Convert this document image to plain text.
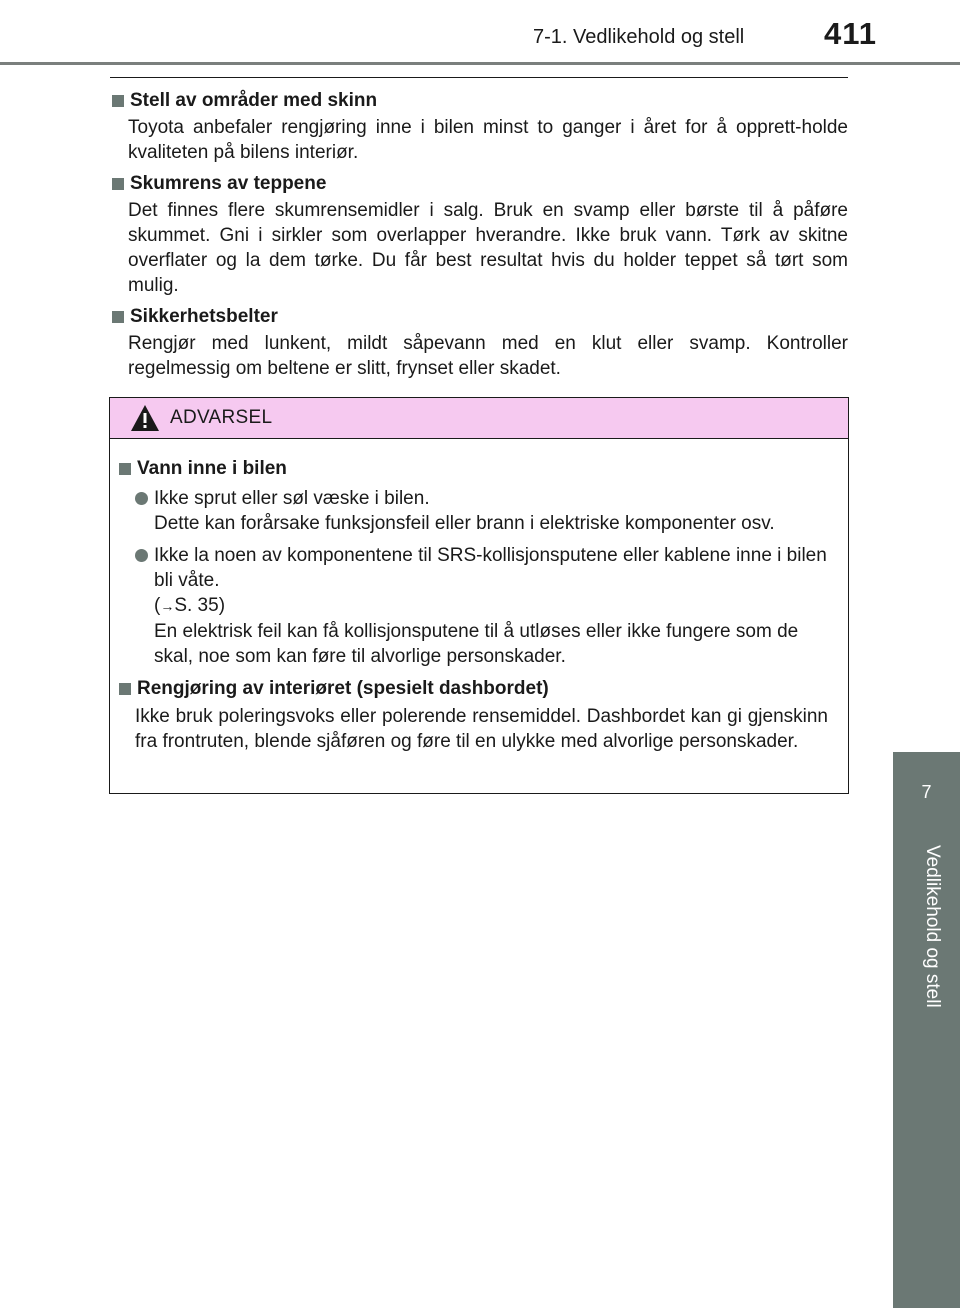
7-1. Vedlikehold og stell	411
7
Vedlikehold og stell
Stell av områder med skinn
Toyota anbefaler rengjøring inne i bilen minst to ganger i året for å opprett-holde kvaliteten på bilens interiør.
Skumrens av teppene
Det finnes flere skumrensemidler i salg. Bruk en svamp eller børste til å påføre skummet. Gni i sirkler som overlapper hverandre. Ikke bruk vann. Tørk av skitne overflater og la dem tørke. Du får best resultat hvis du holder teppet så tørt som mulig.
Sikkerhetsbelter
Rengjør med lunkent, mildt såpevann med en klut eller svamp. Kontroller regelmessig om beltene er slitt, frynset eller skadet.
ADVARSEL
Vann inne i bilen
Ikke sprut eller søl væske i bilen.
Dette kan forårsake funksjonsfeil eller brann i elektriske komponenter osv.
Ikke la noen av komponentene til SRS-kollisjonsputene eller kablene inne i bilen bli våte.
(→S. 35)
En elektrisk feil kan få kollisjonsputene til å utløses eller ikke fungere som de skal, noe som kan føre til alvorlige personskader.
Rengjøring av interiøret (spesielt dashbordet)
Ikke bruk poleringsvoks eller polerende rensemiddel. Dashbordet kan gi gjenskinn fra frontruten, blende sjåføren og føre til en ulykke med alvorlige personskader.
